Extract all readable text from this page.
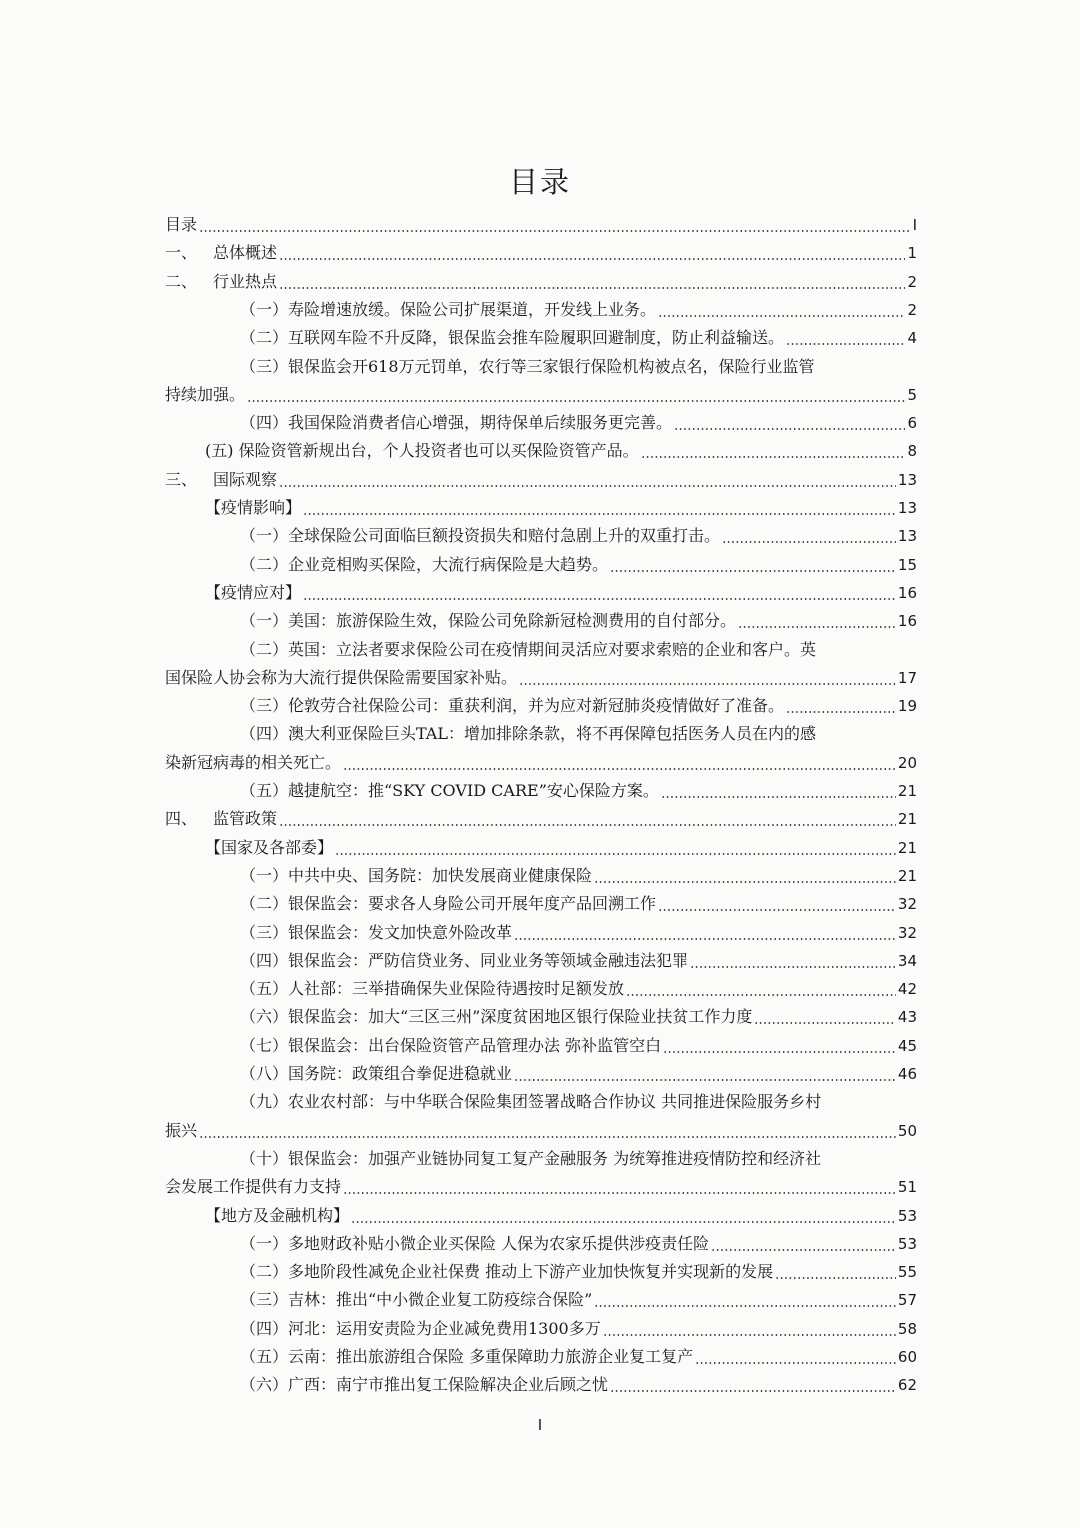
目录
目录	I
一、 总体概述	1
二、 行业热点	2
（一）寿险增速放缓。保险公司扩展渠道，开发线上业务。	2
（二）互联网车险不升反降，银保监会推车险履职回避制度，防止利益输送。	4
（三）银保监会开618万元罚单，农行等三家银行保险机构被点名，保险行业监管
持续加强。	5
（四）我国保险消费者信心增强，期待保单后续服务更完善。	6
(五) 保险资管新规出台，个人投资者也可以买保险资管产品。	8
三、 国际观察	13
【疫情影响】	13
（一）全球保险公司面临巨额投资损失和赔付急剧上升的双重打击。	13
（二）企业竞相购买保险，大流行病保险是大趋势。	15
【疫情应对】	16
（一）美国：旅游保险生效，保险公司免除新冠检测费用的自付部分。	16
（二）英国：立法者要求保险公司在疫情期间灵活应对要求索赔的企业和客户。英
国保险人协会称为大流行提供保险需要国家补贴。	17
（三）伦敦劳合社保险公司：重获利润，并为应对新冠肺炎疫情做好了准备。	19
（四）澳大利亚保险巨头TAL：增加排除条款，将不再保障包括医务人员在内的感
染新冠病毒的相关死亡。	20
（五）越捷航空：推“SKY COVID CARE”安心保险方案。	21
四、 监管政策	21
【国家及各部委】	21
（一）中共中央、国务院：加快发展商业健康保险	21
（二）银保监会：要求各人身险公司开展年度产品回溯工作	32
（三）银保监会：发文加快意外险改革	32
（四）银保监会：严防信贷业务、同业业务等领域金融违法犯罪	34
（五）人社部：三举措确保失业保险待遇按时足额发放	42
（六）银保监会：加大“三区三州”深度贫困地区银行保险业扶贫工作力度	43
（七）银保监会：出台保险资管产品管理办法 弥补监管空白	45
（八）国务院：政策组合拳促进稳就业	46
（九）农业农村部：与中华联合保险集团签署战略合作协议 共同推进保险服务乡村
振兴	50
（十）银保监会：加强产业链协同复工复产金融服务 为统筹推进疫情防控和经济社
会发展工作提供有力支持	51
【地方及金融机构】	53
（一）多地财政补贴小微企业买保险 人保为农家乐提供涉疫责任险	53
（二）多地阶段性减免企业社保费 推动上下游产业加快恢复并实现新的发展	55
（三）吉林：推出“中小微企业复工防疫综合保险”	57
（四）河北：运用安责险为企业减免费用1300多万	58
（五）云南：推出旅游组合保险 多重保障助力旅游企业复工复产	60
（六）广西：南宁市推出复工保险解决企业后顾之忧	62
I
